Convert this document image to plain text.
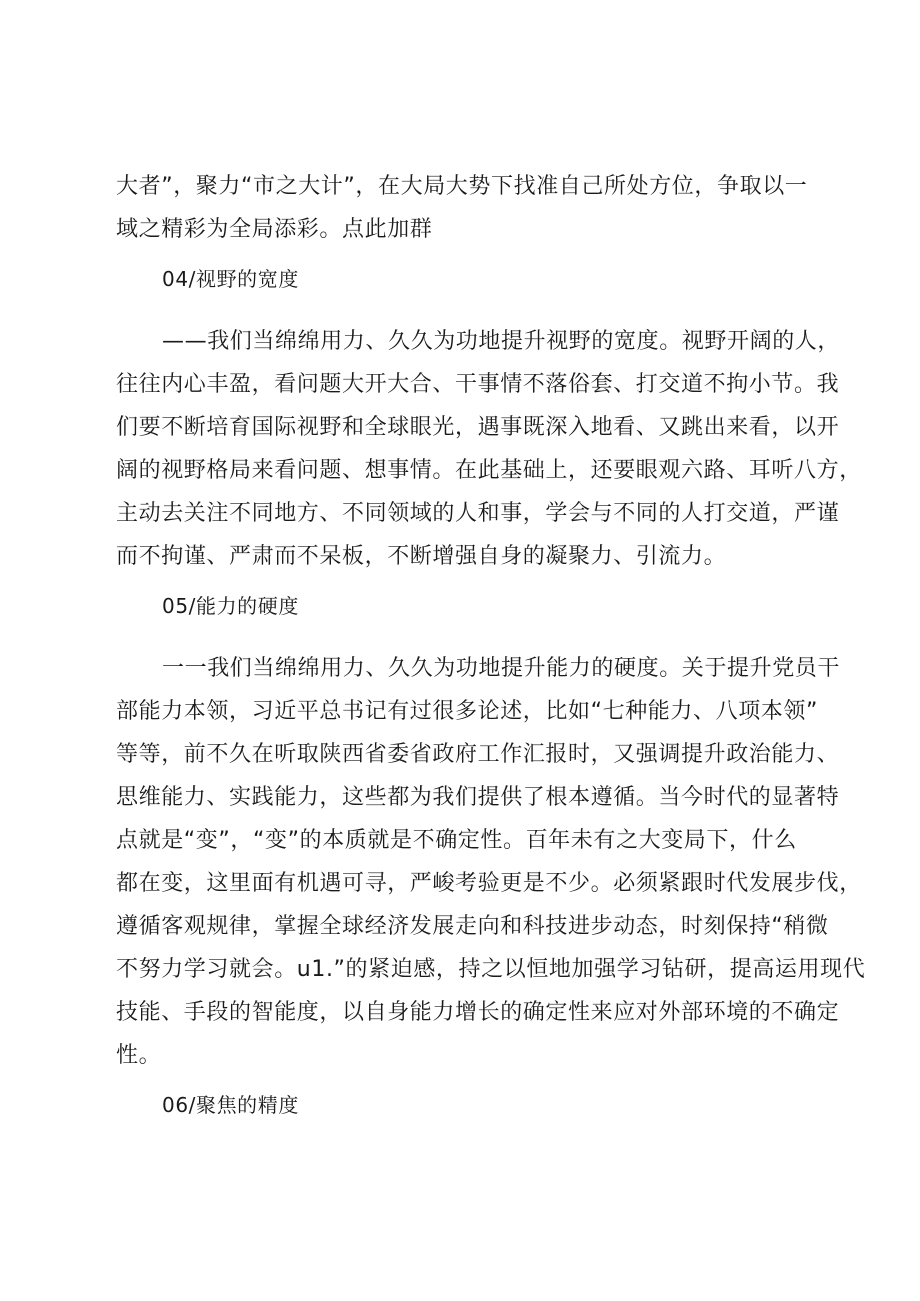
大者”，聚力“市之大计”，在大局大势下找准自己所处方位，争取以一
域之精彩为全局添彩。点此加群
04/视野的宽度
——我们当绵绵用力、久久为功地提升视野的宽度。视野开阔的人，
往往内心丰盈，看问题大开大合、干事情不落俗套、打交道不拘小节。我
们要不断培育国际视野和全球眼光，遇事既深入地看、又跳出来看，以开
阔的视野格局来看问题、想事情。在此基础上，还要眼观六路、耳听八方，
主动去关注不同地方、不同领域的人和事，学会与不同的人打交道，严谨
而不拘谨、严肃而不呆板，不断增强自身的凝聚力、引流力。
05/能力的硬度
一一我们当绵绵用力、久久为功地提升能力的硬度。关于提升党员干
部能力本领，习近平总书记有过很多论述，比如“七种能力、八项本领”
等等，前不久在听取陕西省委省政府工作汇报时，又强调提升政治能力、
思维能力、实践能力，这些都为我们提供了根本遵循。当今时代的显著特
点就是“变”，“变”的本质就是不确定性。百年未有之大变局下，什么
都在变，这里面有机遇可寻，严峻考验更是不少。必须紧跟时代发展步伐，
遵循客观规律，掌握全球经济发展走向和科技进步动态，时刻保持“稍微
不努力学习就会。u1.”的紧迫感，持之以恒地加强学习钻研，提高运用现代
技能、手段的智能度，以自身能力增长的确定性来应对外部环境的不确定
性。
06/聚焦的精度
